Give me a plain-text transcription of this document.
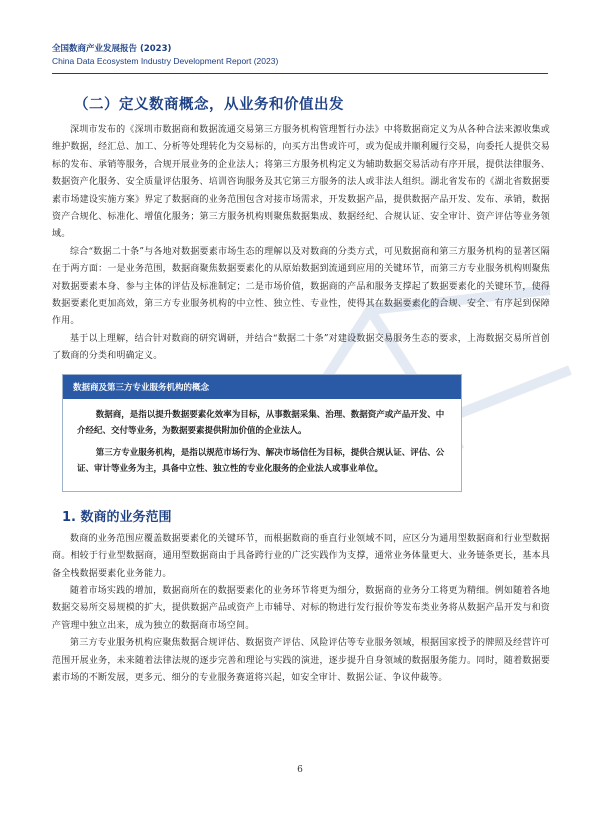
全国数商产业发展报告 (2023)
China Data Ecosystem Industry Development Report (2023)
（二）定义数商概念，从业务和价值出发

深圳市发布的《深圳市数据商和数据流通交易第三方服务机构管理暂行办法》中将数据商定义为从各种合法来源收集或维护数据，经汇总、加工、分析等处理转化为交易标的，向买方出售或许可，或为促成并顺利履行交易，向委托人提供交易标的发布、承销等服务，合规开展业务的企业法人；将第三方服务机构定义为辅助数据交易活动有序开展，提供法律服务、数据资产化服务、安全质量评估服务、培训咨询服务及其它第三方服务的法人或非法人组织。湖北省发布的《湖北省数据要素市场建设实施方案》界定了数据商的业务范围包含对接市场需求，开发数据产品，提供数据产品开发、发布、承销，数据资产合规化、标准化、增值化服务；第三方服务机构则聚焦数据集成、数据经纪、合规认证、安全审计、资产评估等业务领域。

综合“数据二十条”与各地对数据要素市场生态的理解以及对数商的分类方式，可见数据商和第三方服务机构的显著区隔在于两方面：一是业务范围，数据商聚焦数据要素化的从原始数据到流通到应用的关键环节，而第三方专业服务机构则聚焦对数据要素本身、参与主体的评估及标准制定；二是市场价值，数据商的产品和服务支撑起了数据要素化的关键环节，使得数据要素化更加高效，第三方专业服务机构的中立性、独立性、专业性，使得其在数据要素化的合规、安全、有序起到保障作用。

基于以上理解，结合针对数商的研究调研，并结合“数据二十条”对建设数据交易服务生态的要求，上海数据交易所首创了数商的分类和明确定义。

数据商及第三方专业服务机构的概念

数据商，是指以提升数据要素化效率为目标，从事数据采集、治理、数据资产或产品开发、中介经纪、交付等业务，为数据要素提供附加价值的企业法人。

第三方专业服务机构，是指以规范市场行为、解决市场信任为目标，提供合规认证、评估、公证、审计等业务为主，具备中立性、独立性的专业化服务的企业法人或事业单位。

1. 数商的业务范围

数商的业务范围应覆盖数据要素化的关键环节，而根据数商的垂直行业领域不同，应区分为通用型数据商和行业型数据商。相较于行业型数据商，通用型数据商由于具备跨行业的广泛实践作为支撑，通常业务体量更大、业务链条更长，基本具备全栈数据要素化业务能力。

随着市场实践的增加，数据商所在的数据要素化的业务环节将更为细分，数据商的业务分工将更为精细。例如随着各地数据交易所交易规模的扩大，提供数据产品或资产上市辅导、对标的物进行发行报价等发布类业务将从数据产品开发与和资产管理中独立出来，成为独立的数据商市场空间。

第三方专业服务机构应聚焦数据合规评估、数据资产评估、风险评估等专业服务领域，根据国家授予的牌照及经营许可范围开展业务，未来随着法律法规的逐步完善和理论与实践的演进，逐步提升自身领域的数据服务能力。同时，随着数据要素市场的不断发展，更多元、细分的专业服务赛道将兴起，如安全审计、数据公证、争议仲裁等。

6
